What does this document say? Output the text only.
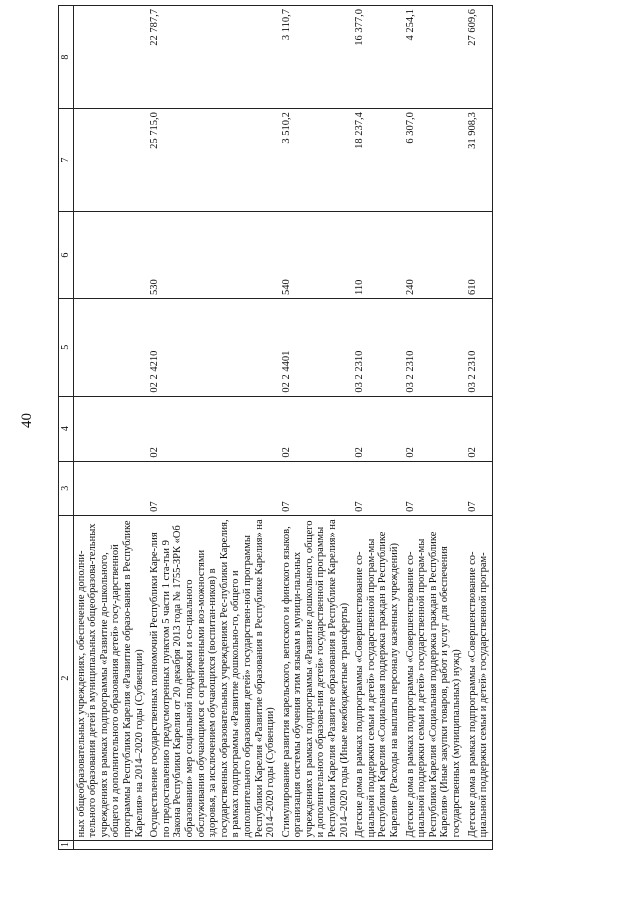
40
1	2	3	4	5	6	7	8
	ных общеобразовательных учреждениях, обеспечение дополни-тельного образования детей в муниципальных общеобразова-тельных учреждениях в рамках подпрограммы «Развитие до-школьного, общего и дополнительного образования детей» госу-дарственной программы Республики Карелия «Развитие образо-вания в Республике Карелия» на 2014–2020 годы (Субвенции)						
	Осуществление государственных полномочий Республики Каре-лия по предоставлению предусмотренных пунктом 5 части 1 ста-тьи 9 Закона Республики Карелия от 20 декабря 2013 года № 1755-ЗРК «Об образовании» мер социальной поддержки и со-циального обслуживания обучающимся с ограниченными воз-можностями здоровья, за исключением обучающихся (воспитан-ников) в государственных образовательных учреждениях Рес-публики Карелия, в рамках подпрограммы «Развитие дошкольно-го, общего и дополнительного образования детей» государствен-ной программы Республики Карелия «Развитие образования в Республике Карелия» на 2014–2020 годы (Субвенции)	07	02	02 2 4210	530	25 715,0	22 787,7
	Стимулирование развития карельского, вепсского и финского языков, организация системы обучения этим языкам в муници-пальных учреждениях в рамках подпрограммы «Развитие дошкольного, общего и дополнительного образова-ния детей» государственной программы Республики Карелия «Развитие образования в Республике Карелия» на 2014–2020 годы (Иные межбюджетные трансферты)	07	02	02 2 4401	540	3 510,2	3 110,7
	Детские дома в рамках подпрограммы «Совершенствование со-циальной поддержки семьи и детей» государственной програм-мы Республики Карелия «Социальная поддержка граждан в Республике Карелия» (Расходы на выплаты персоналу казенных учреждений)	07	02	03 2 2310	110	18 237,4	16 377,0
	Детские дома в рамках подпрограммы «Совершенствование со-циальной поддержки семьи и детей» государственной програм-мы Республики Карелия «Социальная поддержка граждан в Республике Карелия» (Иные закупки товаров, работ и услуг для обеспечения государственных (муниципальных) нужд)	07	02	03 2 2310	240	6 307,0	4 254,1
	Детские дома в рамках подпрограммы «Совершенствование со-циальной поддержки семьи и детей» государственной програм-	07	02	03 2 2310	610	31 908,3	27 609,6
